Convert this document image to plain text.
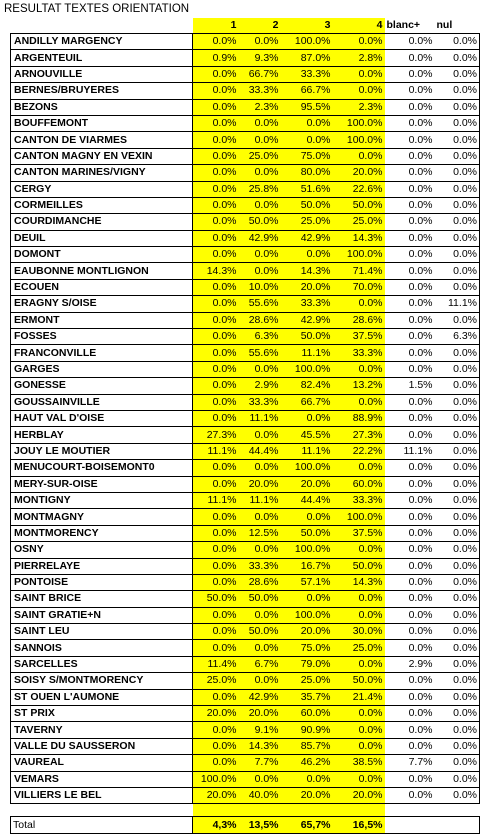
RESULTAT TEXTES ORIENTATION
	1	2	3	4	blanc+	nul
ANDILLY MARGENCY	0.0%	0.0%	100.0%	0.0%	0.0%	0.0%
ARGENTEUIL	0.9%	9.3%	87.0%	2.8%	0.0%	0.0%
ARNOUVILLE	0.0%	66.7%	33.3%	0.0%	0.0%	0.0%
BERNES/BRUYERES	0.0%	33.3%	66.7%	0.0%	0.0%	0.0%
BEZONS	0.0%	2.3%	95.5%	2.3%	0.0%	0.0%
BOUFFEMONT	0.0%	0.0%	0.0%	100.0%	0.0%	0.0%
CANTON DE VIARMES	0.0%	0.0%	0.0%	100.0%	0.0%	0.0%
CANTON MAGNY EN VEXIN	0.0%	25.0%	75.0%	0.0%	0.0%	0.0%
CANTON MARINES/VIGNY	0.0%	0.0%	80.0%	20.0%	0.0%	0.0%
CERGY	0.0%	25.8%	51.6%	22.6%	0.0%	0.0%
CORMEILLES	0.0%	0.0%	50.0%	50.0%	0.0%	0.0%
COURDIMANCHE	0.0%	50.0%	25.0%	25.0%	0.0%	0.0%
DEUIL	0.0%	42.9%	42.9%	14.3%	0.0%	0.0%
DOMONT	0.0%	0.0%	0.0%	100.0%	0.0%	0.0%
EAUBONNE MONTLIGNON	14.3%	0.0%	14.3%	71.4%	0.0%	0.0%
ECOUEN	0.0%	10.0%	20.0%	70.0%	0.0%	0.0%
ERAGNY S/OISE	0.0%	55.6%	33.3%	0.0%	0.0%	11.1%
ERMONT	0.0%	28.6%	42.9%	28.6%	0.0%	0.0%
FOSSES	0.0%	6.3%	50.0%	37.5%	0.0%	6.3%
FRANCONVILLE	0.0%	55.6%	11.1%	33.3%	0.0%	0.0%
GARGES	0.0%	0.0%	100.0%	0.0%	0.0%	0.0%
GONESSE	0.0%	2.9%	82.4%	13.2%	1.5%	0.0%
GOUSSAINVILLE	0.0%	33.3%	66.7%	0.0%	0.0%	0.0%
HAUT VAL D'OISE	0.0%	11.1%	0.0%	88.9%	0.0%	0.0%
HERBLAY	27.3%	0.0%	45.5%	27.3%	0.0%	0.0%
JOUY LE MOUTIER	11.1%	44.4%	11.1%	22.2%	11.1%	0.0%
MENUCOURT-BOISEMONT0	0.0%	0.0%	100.0%	0.0%	0.0%	0.0%
MERY-SUR-OISE	0.0%	20.0%	20.0%	60.0%	0.0%	0.0%
MONTIGNY	11.1%	11.1%	44.4%	33.3%	0.0%	0.0%
MONTMAGNY	0.0%	0.0%	0.0%	100.0%	0.0%	0.0%
MONTMORENCY	0.0%	12.5%	50.0%	37.5%	0.0%	0.0%
OSNY	0.0%	0.0%	100.0%	0.0%	0.0%	0.0%
PIERRELAYE	0.0%	33.3%	16.7%	50.0%	0.0%	0.0%
PONTOISE	0.0%	28.6%	57.1%	14.3%	0.0%	0.0%
SAINT BRICE	50.0%	50.0%	0.0%	0.0%	0.0%	0.0%
SAINT GRATIE+N	0.0%	0.0%	100.0%	0.0%	0.0%	0.0%
SAINT LEU	0.0%	50.0%	20.0%	30.0%	0.0%	0.0%
SANNOIS	0.0%	0.0%	75.0%	25.0%	0.0%	0.0%
SARCELLES	11.4%	6.7%	79.0%	0.0%	2.9%	0.0%
SOISY S/MONTMORENCY	25.0%	0.0%	25.0%	50.0%	0.0%	0.0%
ST OUEN L'AUMONE	0.0%	42.9%	35.7%	21.4%	0.0%	0.0%
ST PRIX	20.0%	20.0%	60.0%	0.0%	0.0%	0.0%
TAVERNY	0.0%	9.1%	90.9%	0.0%	0.0%	0.0%
VALLE DU SAUSSERON	0.0%	14.3%	85.7%	0.0%	0.0%	0.0%
VAUREAL	0.0%	7.7%	46.2%	38.5%	7.7%	0.0%
VEMARS	100.0%	0.0%	0.0%	0.0%	0.0%	0.0%
VILLIERS LE BEL	20.0%	40.0%	20.0%	20.0%	0.0%	0.0%

Total	4,3%	13,5%	65,7%	16,5%		
